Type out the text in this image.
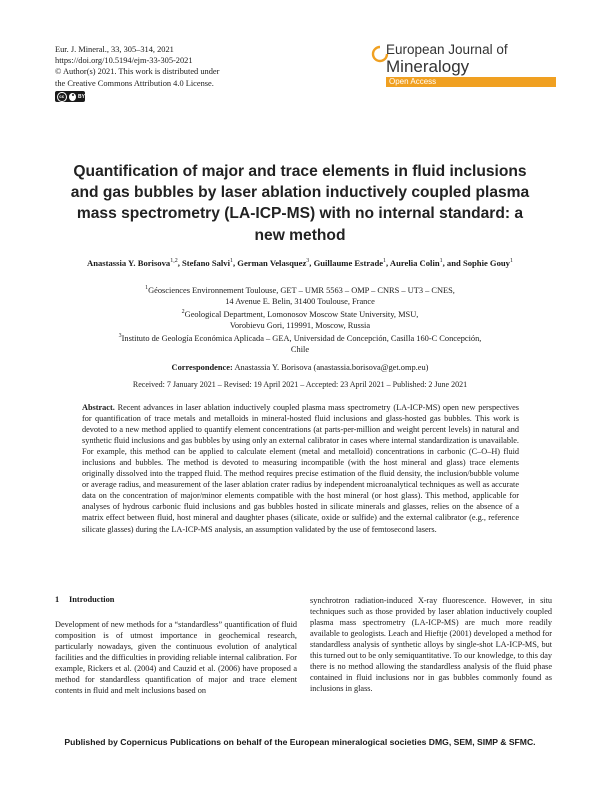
Eur. J. Mineral., 33, 305–314, 2021
https://doi.org/10.5194/ejm-33-305-2021
© Author(s) 2021. This work is distributed under
the Creative Commons Attribution 4.0 License.
cc	BY
European Journal of
Mineralogy
Open Access
Quantification of major and trace elements in fluid inclusions and gas bubbles by laser ablation inductively coupled plasma mass spectrometry (LA-ICP-MS) with no internal standard: a new method
Anastassia Y. Borisova$^{1,2}$, Stefano Salvi$^1$, German Velasquez$^3$, Guillaume Estrade$^1$, Aurelia Colin$^1$, and Sophie Gouy$^1$
$^1$Géosciences Environnement Toulouse, GET – UMR 5563 – OMP – CNRS – UT3 – CNES,
14 Avenue E. Belin, 31400 Toulouse, France
$^2$Geological Department, Lomonosov Moscow State University, MSU,
Vorobievu Gori, 119991, Moscow, Russia
$^3$Instituto de Geología Económica Aplicada – GEA, Universidad de Concepción, Casilla 160-C Concepción,
Chile
Correspondence: Anastassia Y. Borisova (anastassia.borisova@get.omp.eu)
Received: 7 January 2021 – Revised: 19 April 2021 – Accepted: 23 April 2021 – Published: 2 June 2021
Abstract. Recent advances in laser ablation inductively coupled plasma mass spectrometry (LA-ICP-MS) open new perspectives for quantification of trace metals and metalloids in mineral-hosted fluid inclusions and glass-hosted gas bubbles. This work is devoted to a new method applied to quantify element concentrations (at parts-per-million and weight percent levels) in natural and synthetic fluid inclusions and gas bubbles by using only an external calibrator in cases where internal standardization is unavailable. For example, this method can be applied to calculate element (metal and metalloid) concentrations in carbonic (C–O–H) fluid inclusions and bubbles. The method is devoted to measuring incompatible (with the host mineral and glass) trace elements originally dissolved into the trapped fluid. The method requires precise estimation of the fluid density, the inclusion/bubble volume or average radius, and measurement of the laser ablation crater radius by independent microanalytical techniques as well as accurate data on the concentration of major/minor elements compatible with the host mineral (or host glass). This method, applicable for analyses of hydrous carbonic fluid inclusions and gas bubbles hosted in silicate minerals and glasses, relies on the absence of a matrix effect between fluid, host mineral and daughter phases (silicate, oxide or sulfide) and the external calibrator (e.g., reference silicate glasses) during the LA-ICP-MS analysis, an assumption validated by the use of femtosecond lasers.
1 Introduction
Development of new methods for a “standardless” quantification of fluid composition is of utmost importance in geochemical research, particularly nowadays, given the continuous evolution of analytical facilities and the difficulties in providing reliable internal calibration. For example, Rickers et al. (2004) and Cauzid et al. (2006) have proposed a method for standardless quantification of major and trace element contents in fluid and melt inclusions based on
synchrotron radiation-induced X-ray fluorescence. However, in situ techniques such as those provided by laser ablation inductively coupled plasma mass spectrometry (LA-ICP-MS) are much more readily available to geologists. Leach and Hieftje (2001) developed a method for standardless analysis of synthetic alloys by single-shot LA-ICP-MS, but this turned out to be only semiquantitative. To our knowledge, to this day there is no method allowing the standardless analysis of the fluid phase contained in fluid inclusions nor in gas bubbles commonly found as inclusions in glass.
Published by Copernicus Publications on behalf of the European mineralogical societies DMG, SEM, SIMP & SFMC.
